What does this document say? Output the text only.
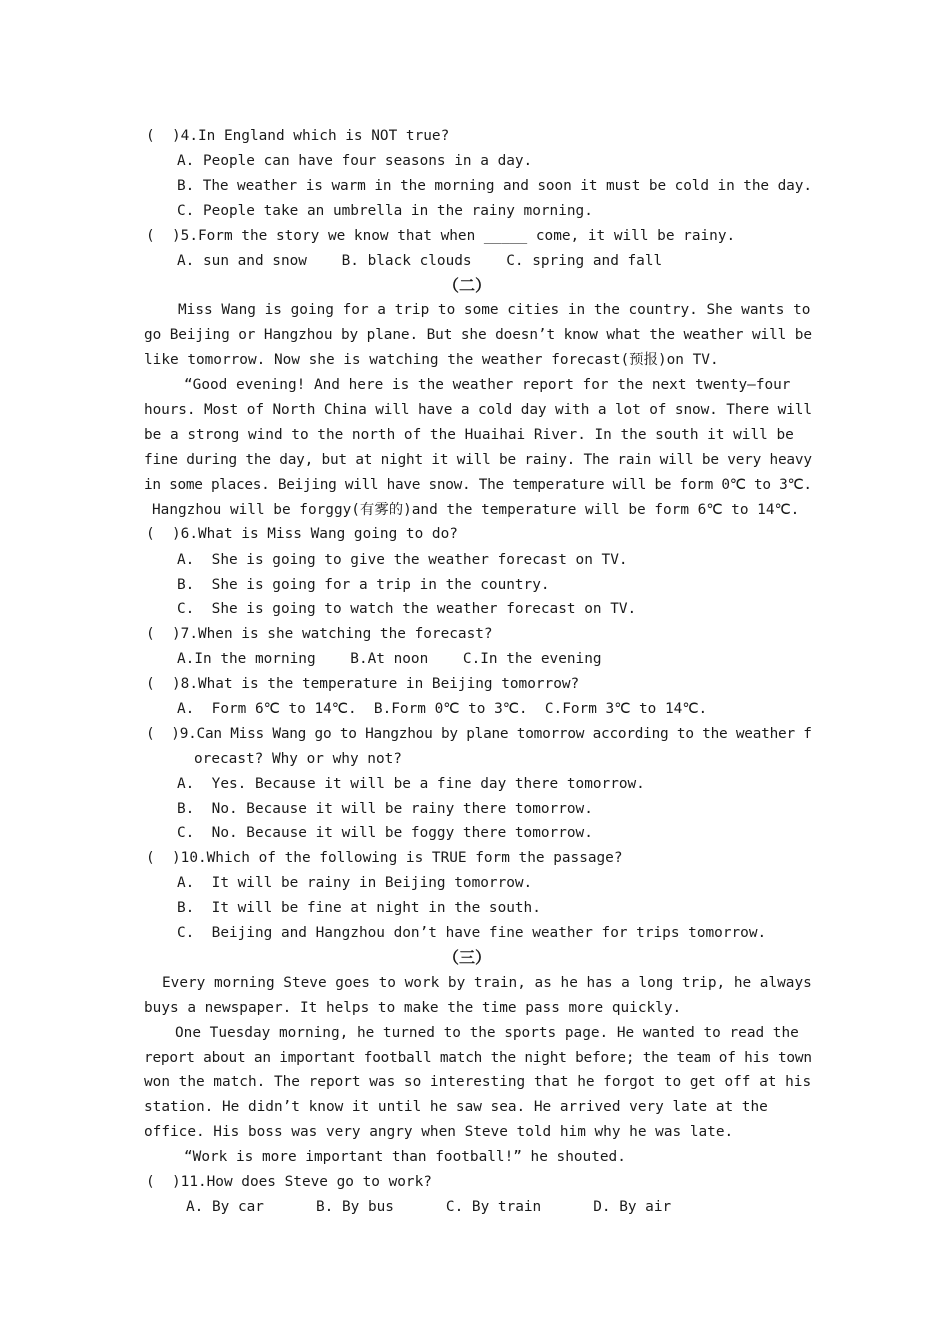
(  )4.In England which is NOT true?
A. People can have four seasons in a day.
B. The weather is warm in the morning and soon it must be cold in the day.
C. People take an umbrella in the rainy morning.
(  )5.Form the story we know that when _____ come, it will be rainy.
A. sun and snow    B. black clouds    C. spring and fall
（二）
Miss Wang is going for a trip to some cities in the country. She wants to
go Beijing or Hangzhou by plane. But she doesn’t know what the weather will be
like tomorrow. Now she is watching the weather forecast(预报)on TV.
“Good evening! And here is the weather report for the next twenty—four
hours. Most of North China will have a cold day with a lot of snow. There will
be a strong wind to the north of the Huaihai River. In the south it will be
fine during the day, but at night it will be rainy. The rain will be very heavy
in some places. Beijing will have snow. The temperature will be form 0℃ to 3℃.
Hangzhou will be forggy(有雾的)and the temperature will be form 6℃ to 14℃.
(  )6.What is Miss Wang going to do?
A.  She is going to give the weather forecast on TV.
B.  She is going for a trip in the country.
C.  She is going to watch the weather forecast on TV.
(  )7.When is she watching the forecast?
A.In the morning    B.At noon    C.In the evening
(  )8.What is the temperature in Beijing tomorrow?
A.  Form 6℃ to 14℃.  B.Form 0℃ to 3℃.  C.Form 3℃ to 14℃.
(  )9.Can Miss Wang go to Hangzhou by plane tomorrow according to the weather f
orecast? Why or why not?
A.  Yes. Because it will be a fine day there tomorrow.
B.  No. Because it will be rainy there tomorrow.
C.  No. Because it will be foggy there tomorrow.
(  )10.Which of the following is TRUE form the passage?
A.  It will be rainy in Beijing tomorrow.
B.  It will be fine at night in the south.
C.  Beijing and Hangzhou don’t have fine weather for trips tomorrow.
（三）
Every morning Steve goes to work by train, as he has a long trip, he always
buys a newspaper. It helps to make the time pass more quickly.
One Tuesday morning, he turned to the sports page. He wanted to read the
report about an important football match the night before; the team of his town
won the match. The report was so interesting that he forgot to get off at his
station. He didn’t know it until he saw sea. He arrived very late at the
office. His boss was very angry when Steve told him why he was late.
“Work is more important than football!” he shouted.
(  )11.How does Steve go to work?
A. By car      B. By bus      C. By train      D. By air
